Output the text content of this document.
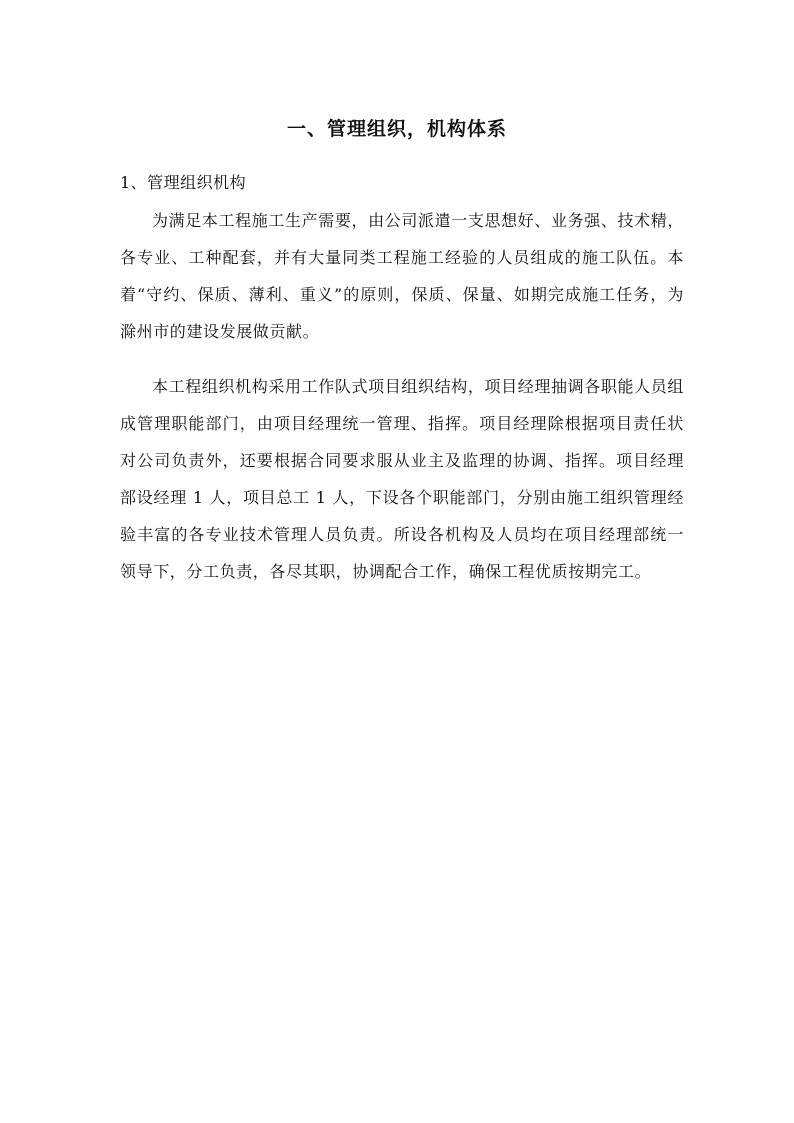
一、管理组织，机构体系
1、管理组织机构

为满足本工程施工生产需要，由公司派遣一支思想好、业务强、技术精，各专业、工种配套，并有大量同类工程施工经验的人员组成的施工队伍。本着“守约、保质、薄利、重义”的原则，保质、保量、如期完成施工任务，为滁州市的建设发展做贡献。

本工程组织机构采用工作队式项目组织结构，项目经理抽调各职能人员组成管理职能部门，由项目经理统一管理、指挥。项目经理除根据项目责任状对公司负责外，还要根据合同要求服从业主及监理的协调、指挥。项目经理部设经理 1 人，项目总工 1 人，下设各个职能部门，分别由施工组织管理经验丰富的各专业技术管理人员负责。所设各机构及人员均在项目经理部统一领导下，分工负责，各尽其职，协调配合工作，确保工程优质按期完工。
